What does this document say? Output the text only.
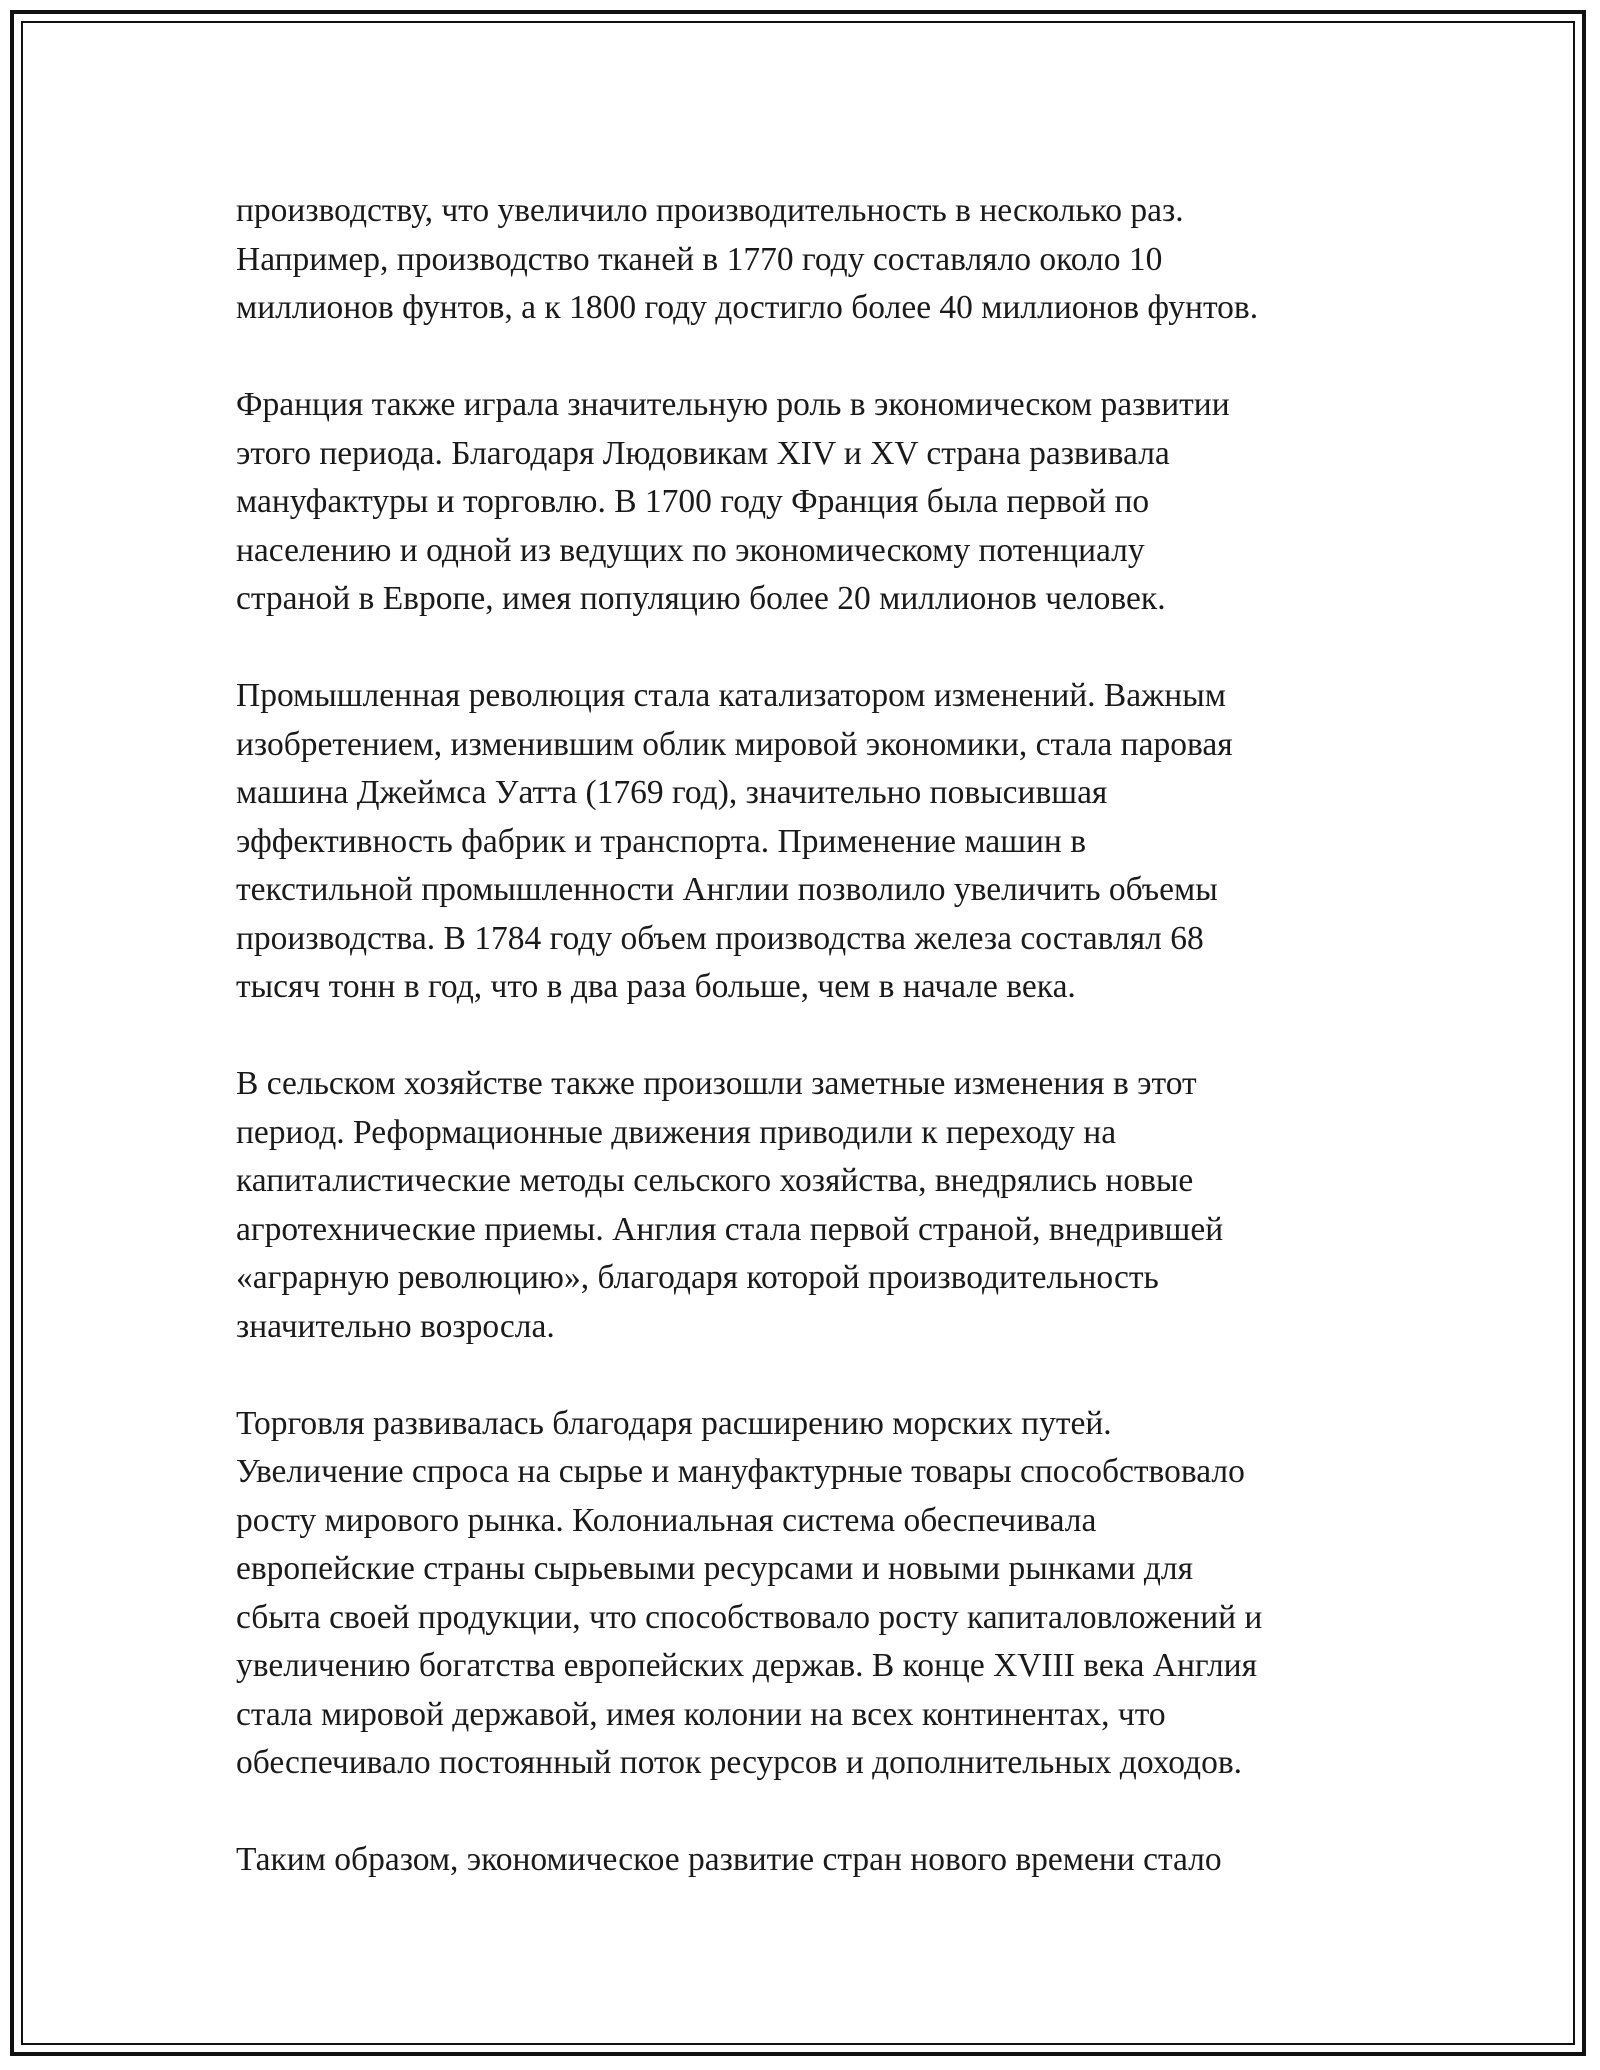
производству, что увеличило производительность в несколько раз.
Например, производство тканей в 1770 году составляло около 10
миллионов фунтов, а к 1800 году достигло более 40 миллионов фунтов.

Франция также играла значительную роль в экономическом развитии
этого периода. Благодаря Людовикам XIV и XV страна развивала
мануфактуры и торговлю. В 1700 году Франция была первой по
населению и одной из ведущих по экономическому потенциалу
страной в Европе, имея популяцию более 20 миллионов человек.

Промышленная революция стала катализатором изменений. Важным
изобретением, изменившим облик мировой экономики, стала паровая
машина Джеймса Уатта (1769 год), значительно повысившая
эффективность фабрик и транспорта. Применение машин в
текстильной промышленности Англии позволило увеличить объемы
производства. В 1784 году объем производства железа составлял 68
тысяч тонн в год, что в два раза больше, чем в начале века.

В сельском хозяйстве также произошли заметные изменения в этот
период. Реформационные движения приводили к переходу на
капиталистические методы сельского хозяйства, внедрялись новые
агротехнические приемы. Англия стала первой страной, внедрившей
«аграрную революцию», благодаря которой производительность
значительно возросла.

Торговля развивалась благодаря расширению морских путей.
Увеличение спроса на сырье и мануфактурные товары способствовало
росту мирового рынка. Колониальная система обеспечивала
европейские страны сырьевыми ресурсами и новыми рынками для
сбыта своей продукции, что способствовало росту капиталовложений и
увеличению богатства европейских держав. В конце XVIII века Англия
стала мировой державой, имея колонии на всех континентах, что
обеспечивало постоянный поток ресурсов и дополнительных доходов.

Таким образом, экономическое развитие стран нового времени стало
